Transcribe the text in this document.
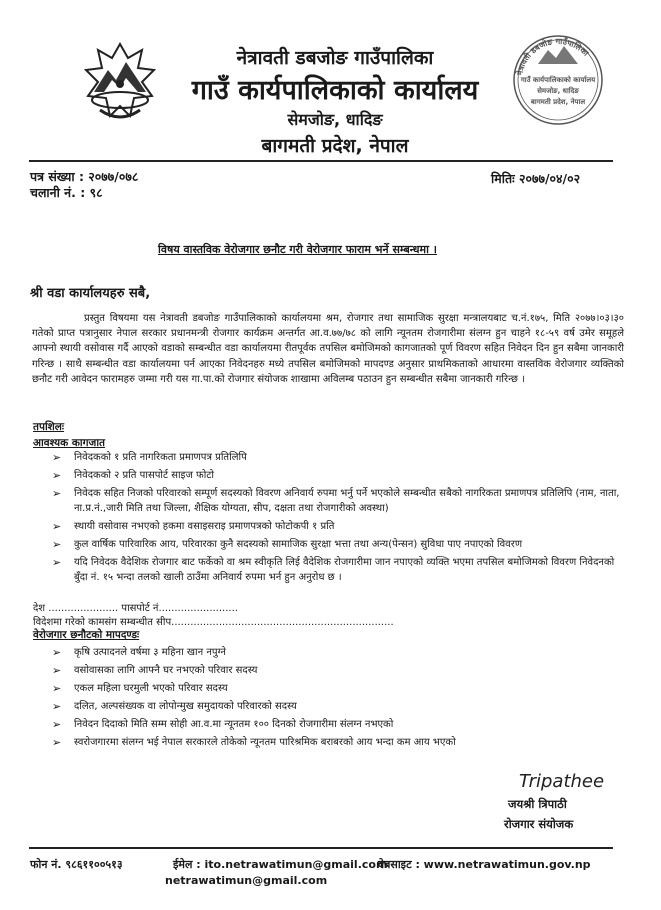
नेत्रावती डबजोङ गाउँपालिका
गाउँ कार्यपालिकाको कार्यालय
सेमजोङ, धादिङ
बागमती प्रदेश, नेपाल
नेत्रावती डबजोङ गाउँपालिका
गाउँ कार्यपालिकाको कार्यालय
सेमजोङ, धादिङ
बागमती प्रदेश, नेपाल
पत्र संख्या : २०७७/०७८
चलानी नं. : ९८
मितिः २०७७/०४/०२
विषय वास्तविक वेरोजगार छनौट गरी वेरोजगार फाराम भर्ने सम्बन्धमा ।
श्री वडा कार्यालयहरु सबै,
प्रस्तुत विषयमा यस नेत्रावती डबजोङ गाउँपालिकाको कार्यालयमा श्रम, रोजगार तथा सामाजिक सुरक्षा मन्त्रालयबाट च.नं.१७५, मिति २०७७।०३।३० गतेको प्राप्त पत्रानुसार नेपाल सरकार प्रधानमन्त्री रोजगार कार्यक्रम अन्तर्गत आ.व.७७/७८ को लागि न्यूनतम रोजगारीमा संलग्न हुन चाहने १८-५९ वर्ष उमेर समूहले आफ्नो स्थायी वसोवास गर्दै आएको वडाको सम्बन्धीत वडा कार्यालयमा रीतपूर्वक तपसिल बमोजिमको कागजातको पूर्ण विवरण सहित निवेदन दिन हुन सबैमा जानकारी गरिन्छ । साथै सम्बन्धीत वडा कार्यालयमा पर्न आएका निवेदनहरु मध्ये तपसिल बमोजिमको मापदण्ड अनुसार प्राथमिकताको आधारमा वास्तविक वेरोजगार व्यक्तिको छनौट गरी आवेदन फारामहरु जम्मा गरी यस गा.पा.को रोजगार संयोजक शाखामा अविलम्ब पठाउन हुन सम्बन्धीत सबैमा जानकारी गरिन्छ ।
तपशिलः
आवश्यक कागजात
➢ निवेदकको १ प्रति नागरिकता प्रमाणपत्र प्रतिलिपि
➢ निवेदकको २ प्रति पासपोर्ट साइज फोटो
➢ निवेदक सहित निजको परिवारको सम्पूर्ण सदस्यको विवरण अनिवार्य रुपमा भर्नु पर्ने भएकोले सम्बन्धीत सबैको नागरिकता प्रमाणपत्र प्रतिलिपि (नाम, नाता, ना.प्र.नं.,जारी मिति तथा जिल्ला, शैक्षिक योग्यता, सीप, दक्षता तथा रोजगारीको अवस्था)
➢ स्थायी वसोवास नभएको हकमा वसाइसराइ प्रमाणपत्रको फोटोकपी १ प्रति
➢ कुल वार्षिक पारिवारिक आय, परिवारका कुनै सदस्यको सामाजिक सुरक्षा भत्ता तथा अन्य(पेन्सन) सुविधा पाए नपाएको विवरण
➢ यदि निवेदक वैदेशिक रोजगार बाट फर्केको वा श्रम स्वीकृति लिई वैदेशिक रोजगारीमा जान नपाएको व्यक्ति भएमा तपसिल बमोजिमको विवरण निवेदनको बुँदा नं. १५ भन्दा तलको खाली ठाउँमा अनिवार्य रुपमा भर्न हुन अनुरोध छ ।
देश ...................... पासपोर्ट नं.........................
विदेशमा गरेको कामसंग सम्बन्धीत सीप......................................................................
वेरोजगार छनौटको मापदण्डः
➢ कृषि उत्पादनले वर्षमा ३ महिना खान नपुग्ने
➢ वसोवासका लागि आफ्नै घर नभएको परिवार सदस्य
➢ एकल महिला घरमुली भएको परिवार सदस्य
➢ दलित, अल्पसंख्यक वा लोपोन्मुख समुदायको परिवारको सदस्य
➢ निवेदन दिदाको मिति सम्म सोही आ.व.मा न्यूनतम १०० दिनको रोजगारीमा संलग्न नभएको
➢ स्वरोजगारमा संलग्न भई नेपाल सरकारले तोकेको न्यूनतम पारिश्रमिक बराबरको आय भन्दा कम आय भएको
Tripathee
जयश्री त्रिपाठी
रोजगार संयोजक
फोन नं. ९८६११००५१३	ईमेल : ito.netrawatimun@gmail.com
वेबसाइट : www.netrawatimun.gov.np
netrawatimun@gmail.com
